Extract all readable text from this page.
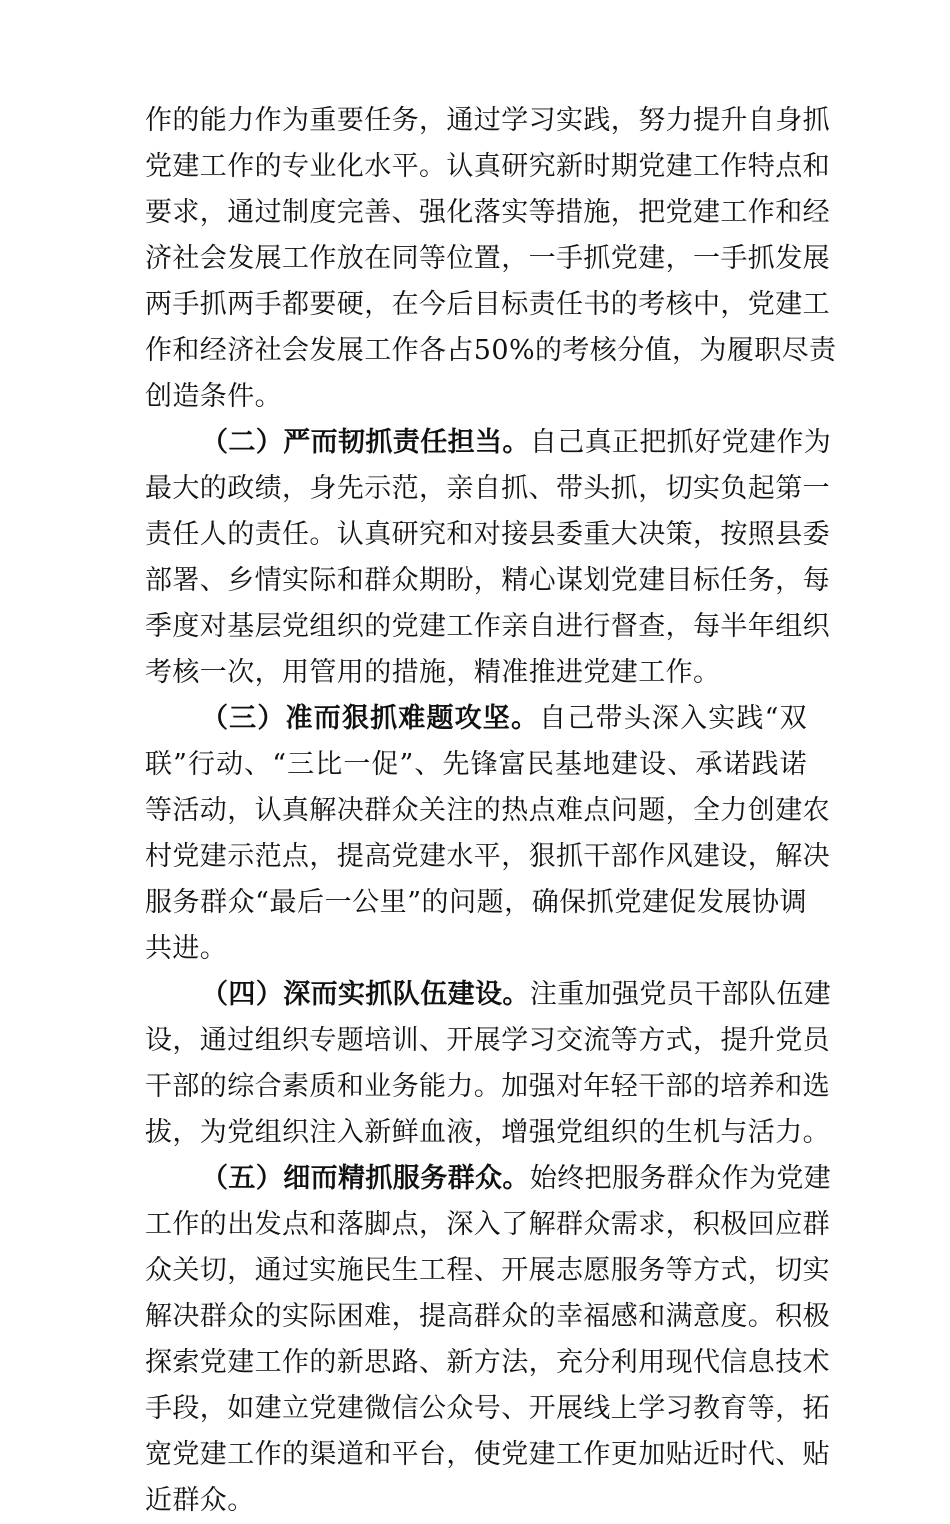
作的能力作为重要任务，通过学习实践，努力提升自身抓
党建工作的专业化水平。认真研究新时期党建工作特点和
要求，通过制度完善、强化落实等措施，把党建工作和经
济社会发展工作放在同等位置，一手抓党建，一手抓发展
两手抓两手都要硬，在今后目标责任书的考核中，党建工
作和经济社会发展工作各占50%的考核分值，为履职尽责
创造条件。
（二）严而韧抓责任担当。自己真正把抓好党建作为
最大的政绩，身先示范，亲自抓、带头抓，切实负起第一
责任人的责任。认真研究和对接县委重大决策，按照县委
部署、乡情实际和群众期盼，精心谋划党建目标任务，每
季度对基层党组织的党建工作亲自进行督查，每半年组织
考核一次，用管用的措施，精准推进党建工作。
（三）准而狠抓难题攻坚。自己带头深入实践“双
联”行动、“三比一促”、先锋富民基地建设、承诺践诺
等活动，认真解决群众关注的热点难点问题，全力创建农
村党建示范点，提高党建水平，狠抓干部作风建设，解决
服务群众“最后一公里”的问题，确保抓党建促发展协调
共进。
（四）深而实抓队伍建设。注重加强党员干部队伍建
设，通过组织专题培训、开展学习交流等方式，提升党员
干部的综合素质和业务能力。加强对年轻干部的培养和选
拔，为党组织注入新鲜血液，增强党组织的生机与活力。
（五）细而精抓服务群众。始终把服务群众作为党建
工作的出发点和落脚点，深入了解群众需求，积极回应群
众关切，通过实施民生工程、开展志愿服务等方式，切实
解决群众的实际困难，提高群众的幸福感和满意度。积极
探索党建工作的新思路、新方法，充分利用现代信息技术
手段，如建立党建微信公众号、开展线上学习教育等，拓
宽党建工作的渠道和平台，使党建工作更加贴近时代、贴
近群众。
